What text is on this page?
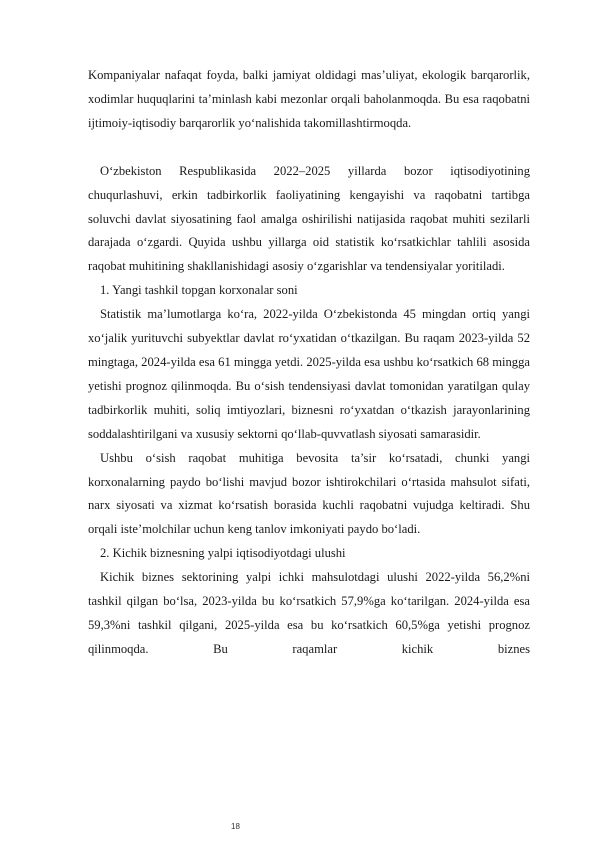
Kompaniyalar nafaqat foyda, balki jamiyat oldidagi mas’uliyat, ekologik barqarorlik, xodimlar huquqlarini ta’minlash kabi mezonlar orqali baholanmoqda. Bu esa raqobatni ijtimoiy-iqtisodiy barqarorlik yo‘nalishida takomillashtirmoqda.

O‘zbekiston Respublikasida 2022–2025 yillarda bozor iqtisodiyotining chuqurlashuvi, erkin tadbirkorlik faoliyatining kengayishi va raqobatni tartibga soluvchi davlat siyosatining faol amalga oshirilishi natijasida raqobat muhiti sezilarli darajada o‘zgardi. Quyida ushbu yillarga oid statistik ko‘rsatkichlar tahlili asosida raqobat muhitining shakllanishidagi asosiy o‘zgarishlar va tendensiyalar yoritiladi.

1. Yangi tashkil topgan korxonalar soni

Statistik ma’lumotlarga ko‘ra, 2022-yilda O‘zbekistonda 45 mingdan ortiq yangi xo‘jalik yurituvchi subyektlar davlat ro‘yxatidan o‘tkazilgan. Bu raqam 2023-yilda 52 mingtaga, 2024-yilda esa 61 mingga yetdi. 2025-yilda esa ushbu ko‘rsatkich 68 mingga yetishi prognoz qilinmoqda. Bu o‘sish tendensiyasi davlat tomonidan yaratilgan qulay tadbirkorlik muhiti, soliq imtiyozlari, biznesni ro‘yxatdan o‘tkazish jarayonlarining soddalashtirilgani va xususiy sektorni qo‘llab-quvvatlash siyosati samarasidir.

Ushbu o‘sish raqobat muhitiga bevosita ta’sir ko‘rsatadi, chunki yangi korxonalarning paydo bo‘lishi mavjud bozor ishtirokchilari o‘rtasida mahsulot sifati, narx siyosati va xizmat ko‘rsatish borasida kuchli raqobatni vujudga keltiradi. Shu orqali iste’molchilar uchun keng tanlov imkoniyati paydo bo‘ladi.

2. Kichik biznesning yalpi iqtisodiyotdagi ulushi

Kichik biznes sektorining yalpi ichki mahsulotdagi ulushi 2022-yilda 56,2%ni tashkil qilgan bo‘lsa, 2023-yilda bu ko‘rsatkich 57,9%ga ko‘tarilgan. 2024-yilda esa 59,3%ni tashkil qilgani, 2025-yilda esa bu ko‘rsatkich 60,5%ga yetishi prognoz qilinmoqda. Bu raqamlar kichik biznes

18
